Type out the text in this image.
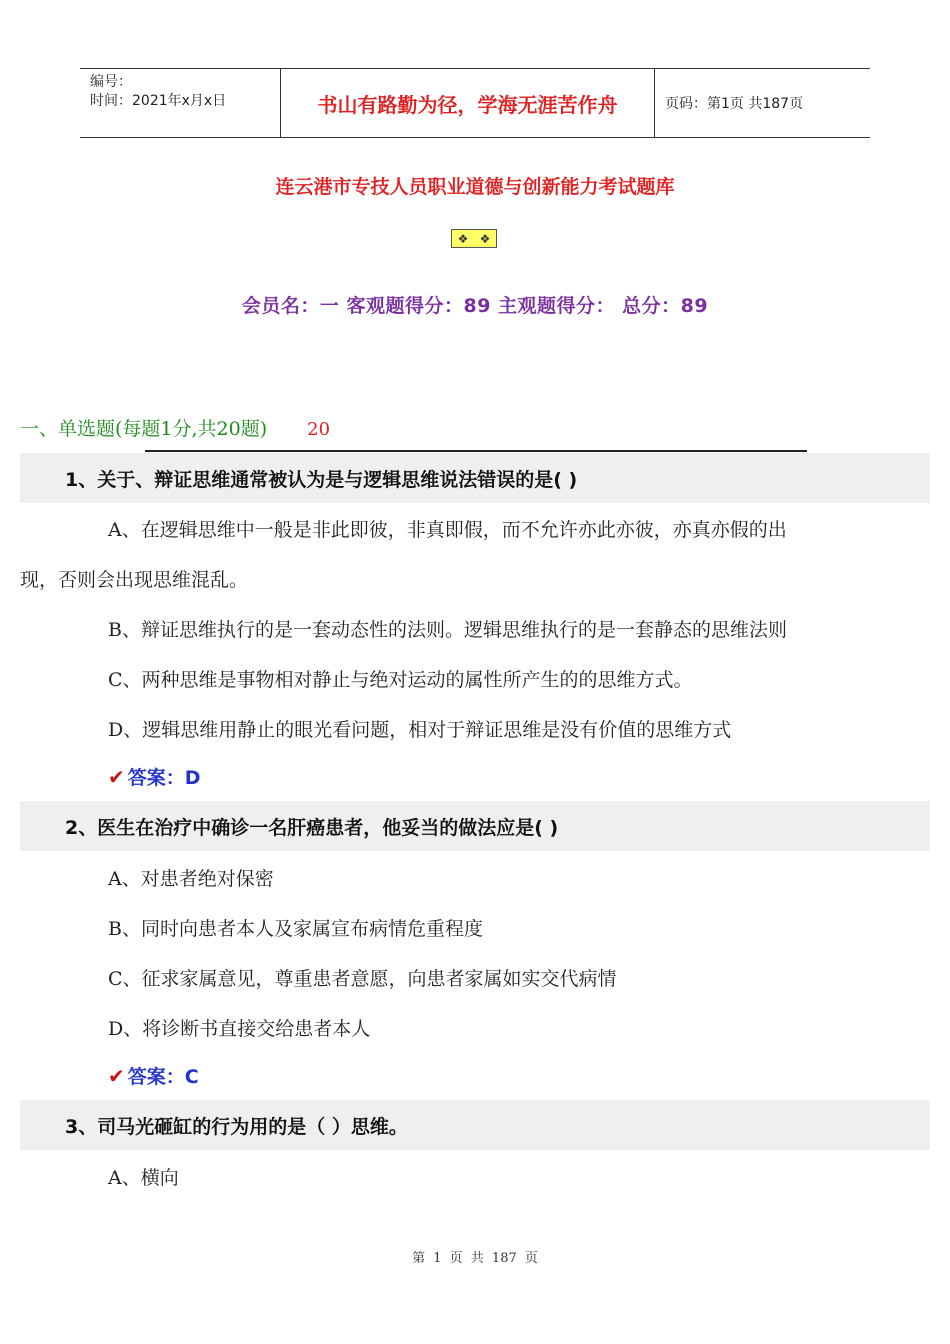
编号：
时间：2021年x月x日	书山有路勤为径，学海无涯苦作舟	页码：第1页 共187页
连云港市专技人员职业道德与创新能力考试题库
❖ ❖
会员名：一 客观题得分：89 主观题得分： 总分：89
一、单选题(每题1分,共20题) 20
1、关于、辩证思维通常被认为是与逻辑思维说法错误的是( )
A、在逻辑思维中一般是非此即彼，非真即假，而不允许亦此亦彼，亦真亦假的出
现，否则会出现思维混乱。
B、辩证思维执行的是一套动态性的法则。逻辑思维执行的是一套静态的思维法则
C、两种思维是事物相对静止与绝对运动的属性所产生的的思维方式。
D、逻辑思维用静止的眼光看问题，相对于辩证思维是没有价值的思维方式
✔ 答案：D
2、医生在治疗中确诊一名肝癌患者，他妥当的做法应是( )
A、对患者绝对保密
B、同时向患者本人及家属宣布病情危重程度
C、征求家属意见，尊重患者意愿，向患者家属如实交代病情
D、将诊断书直接交给患者本人
✔ 答案：C
3、司马光砸缸的行为用的是（ ）思维。
A、横向
第 1 页 共 187 页
